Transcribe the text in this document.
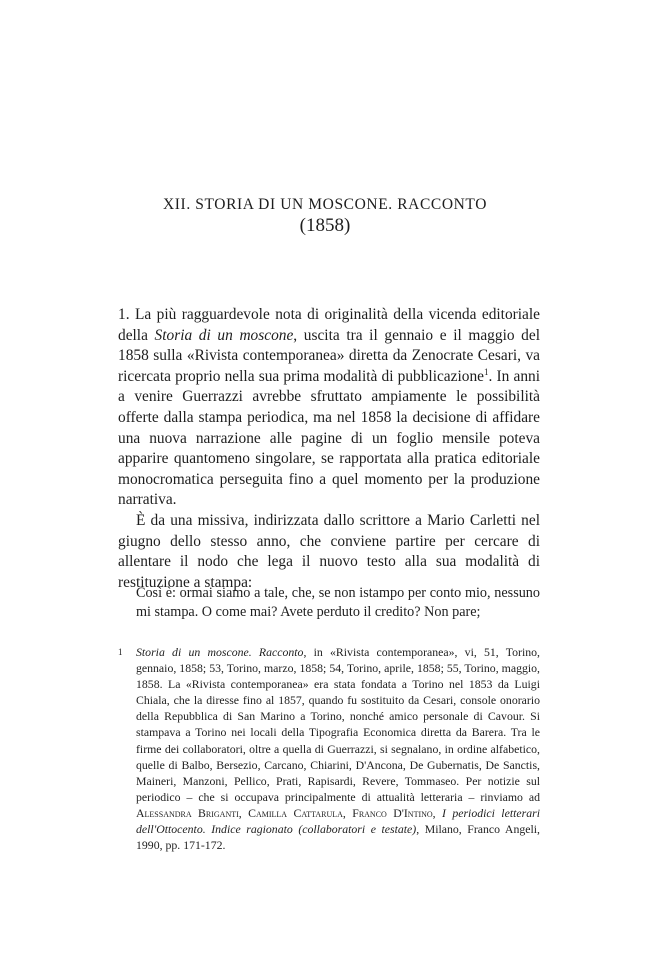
XII. STORIA DI UN MOSCONE. RACCONTO
(1858)

1. La più ragguardevole nota di originalità della vicenda editoriale della Storia di un moscone, uscita tra il gennaio e il maggio del 1858 sulla «Rivista contemporanea» diretta da Zenocrate Cesari, va ricercata proprio nella sua prima modalità di pubblicazione$^1$. In anni a venire Guerrazzi avrebbe sfruttato ampiamente le possibilità offerte dalla stampa periodica, ma nel 1858 la decisione di affidare una nuova narrazione alle pagine di un foglio mensile poteva apparire quantomeno singolare, se rapportata alla pratica editoriale monocromatica perseguita fino a quel momento per la produzione narrativa.

È da una missiva, indirizzata dallo scrittore a Mario Carletti nel giugno dello stesso anno, che conviene partire per cercare di allentare il nodo che lega il nuovo testo alla sua modalità di restituzione a stampa:

Così è: ormai siamo a tale, che, se non istampo per conto mio, nessuno mi stampa. O come mai? Avete perduto il credito? Non pare;

1 Storia di un moscone. Racconto, in «Rivista contemporanea», vi, 51, Torino, gennaio, 1858; 53, Torino, marzo, 1858; 54, Torino, aprile, 1858; 55, Torino, maggio, 1858. La «Rivista contemporanea» era stata fondata a Torino nel 1853 da Luigi Chiala, che la diresse fino al 1857, quando fu sostituito da Cesari, console onorario della Repubblica di San Marino a Torino, nonché amico personale di Cavour. Si stampava a Torino nei locali della Tipografia Economica diretta da Barera. Tra le firme dei collaboratori, oltre a quella di Guerrazzi, si segnalano, in ordine alfabetico, quelle di Balbo, Bersezio, Carcano, Chiarini, D'Ancona, De Gubernatis, De Sanctis, Maineri, Manzoni, Pellico, Prati, Rapisardi, Revere, Tommaseo. Per notizie sul periodico – che si occupava principalmente di attualità letteraria – rinviamo ad Alessandra Briganti, Camilla Cattarula, Franco D'Intino, I periodici letterari dell'Ottocento. Indice ragionato (collaboratori e testate), Milano, Franco Angeli, 1990, pp. 171-172.
